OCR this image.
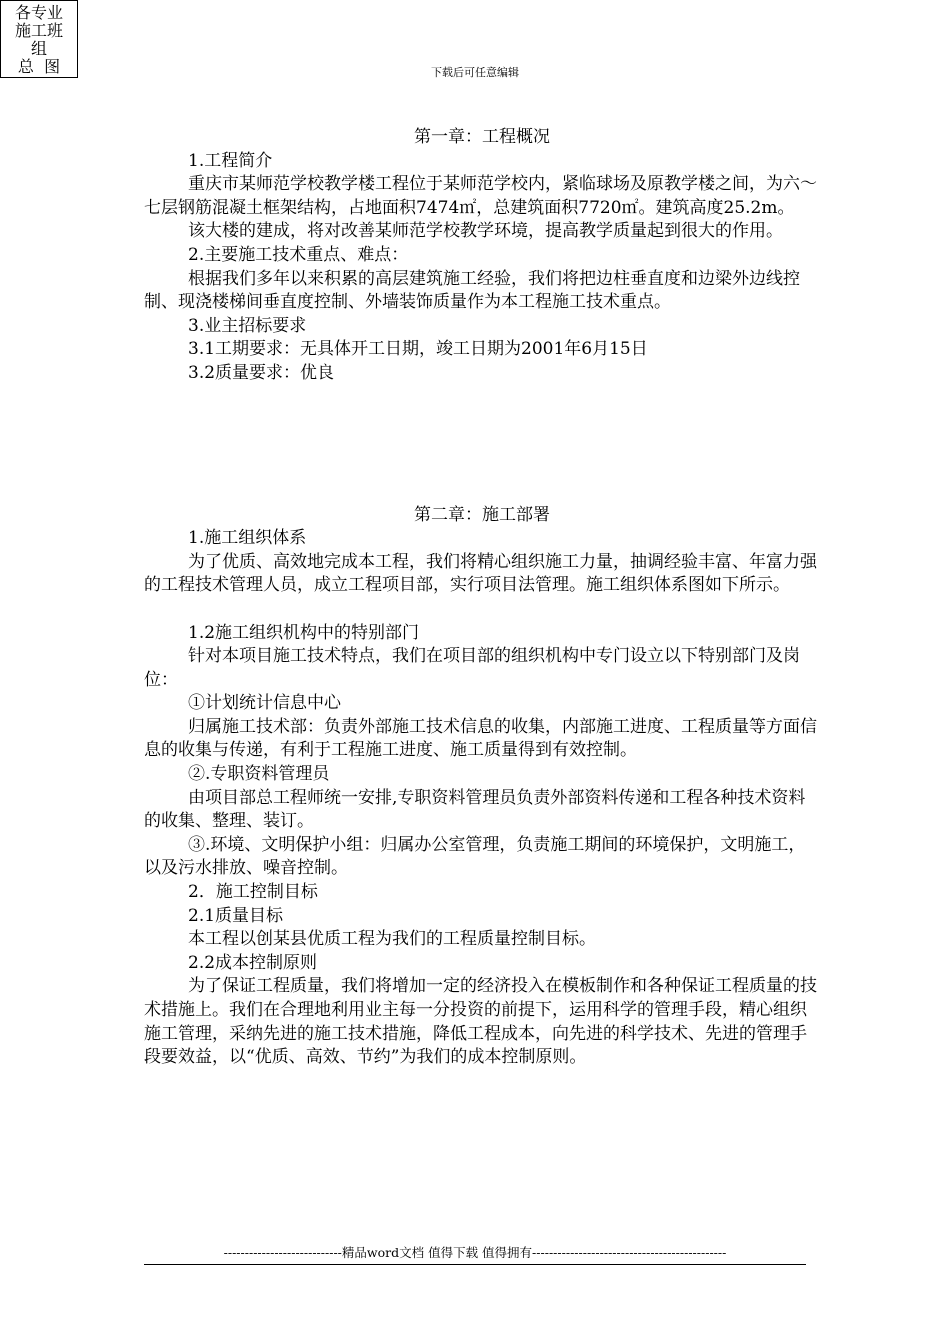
各专业
施工班
组
总  图	下载后可任意编辑

第一章：工程概况

1.工程简介

重庆市某师范学校教学楼工程位于某师范学校内，紧临球场及原教学楼之间，为六～七层钢筋混凝土框架结构，占地面积7474㎡，总建筑面积7720㎡。建筑高度25.2m。

该大楼的建成，将对改善某师范学校教学环境，提高教学质量起到很大的作用。

2.主要施工技术重点、难点：

根据我们多年以来积累的高层建筑施工经验，我们将把边柱垂直度和边梁外边线控制、现浇楼梯间垂直度控制、外墙装饰质量作为本工程施工技术重点。

3.业主招标要求

3.1工期要求：无具体开工日期，竣工日期为2001年6月15日

3.2质量要求：优良

第二章：施工部署

1.施工组织体系

为了优质、高效地完成本工程，我们将精心组织施工力量，抽调经验丰富、年富力强的工程技术管理人员，成立工程项目部，实行项目法管理。施工组织体系图如下所示。

1.2施工组织机构中的特别部门

针对本项目施工技术特点，我们在项目部的组织机构中专门设立以下特别部门及岗位：

①计划统计信息中心

归属施工技术部：负责外部施工技术信息的收集，内部施工进度、工程质量等方面信息的收集与传递，有利于工程施工进度、施工质量得到有效控制。

②.专职资料管理员

由项目部总工程师统一安排,专职资料管理员负责外部资料传递和工程各种技术资料的收集、整理、装订。

③.环境、文明保护小组：归属办公室管理，负责施工期间的环境保护，文明施工，以及污水排放、噪音控制。

2．施工控制目标

2.1质量目标

本工程以创某县优质工程为我们的工程质量控制目标。

2.2成本控制原则

为了保证工程质量，我们将增加一定的经济投入在模板制作和各种保证工程质量的技术措施上。我们在合理地利用业主每一分投资的前提下，运用科学的管理手段，精心组织施工管理，采纳先进的施工技术措施，降低工程成本，向先进的科学技术、先进的管理手段要效益，以“优质、高效、节约”为我们的成本控制原则。

----------------------------精品word文档 值得下载 值得拥有----------------------------------------------
